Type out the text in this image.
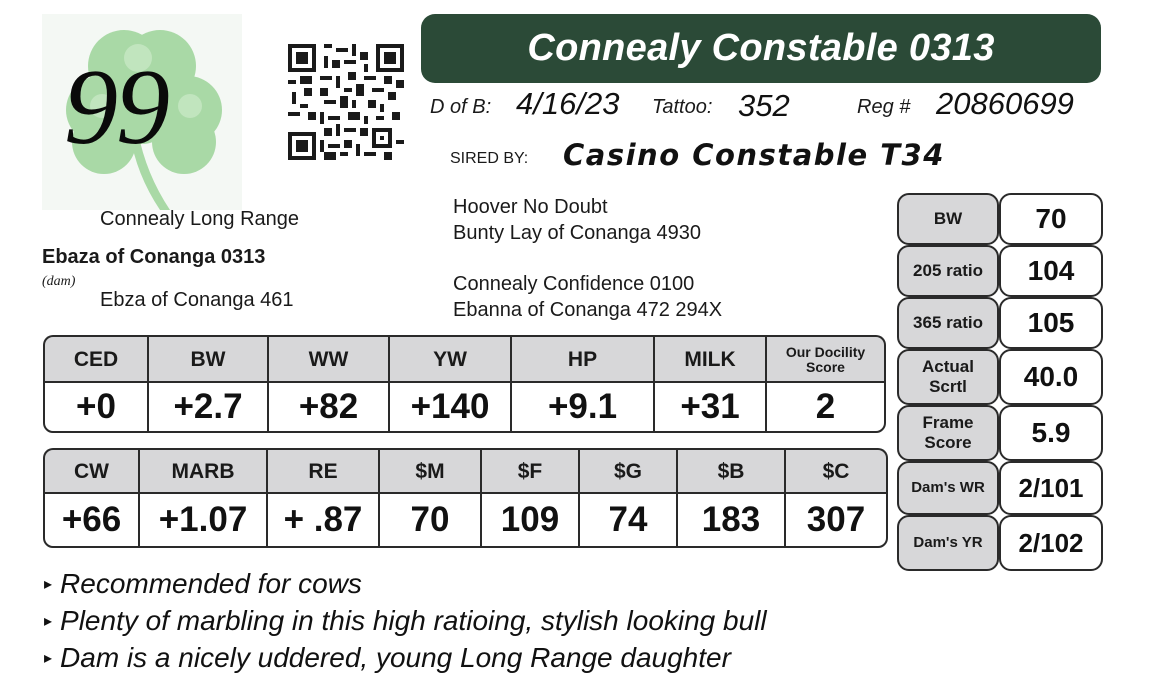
99	Connealy Constable 0313
D of B: 4/16/23 Tattoo: 352	Reg # 20860699
SIRED BY: Casino Constable T34
Connealy Long Range
Ebaza of Conanga 0313
(dam)
Ebza of Conanga 461
Hoover No Doubt
Bunty Lay of Conanga 4930
Connealy Confidence 0100
Ebanna of Conanga 472 294X
CED	BW	WW	YW	HP	MILK	Our Docility
Score
+0	+2.7	+82	+140	+9.1	+31	2
CW	MARB	RE	$M	$F	$G	$B	$C
+66	+1.07	+ .87	70	109	74	183	307
BW	70
205 ratio	104
365 ratio	105
Actual
Scrtl	40.0
Frame
Score	5.9
Dam's WR	2/101
Dam's YR	2/102
▸ Recommended for cows
▸ Plenty of marbling in this high ratioing, stylish looking bull
▸ Dam is a nicely uddered, young Long Range daughter
